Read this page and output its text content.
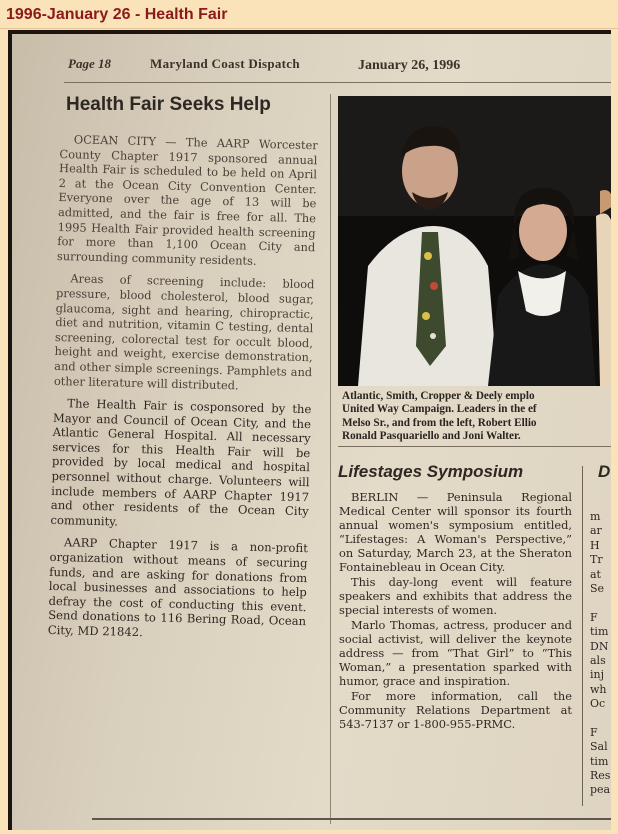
1996-January 26 - Health Fair
Page 18	Maryland Coast Dispatch	January 26, 1996
Health Fair Seeks Help

OCEAN CITY — The AARP Worcester County Chapter 1917 sponsored annual Health Fair is scheduled to be held on April 2 at the Ocean City Convention Center. Everyone over the age of 13 will be admitted, and the fair is free for all. The 1995 Health Fair provided health screening for more than 1,100 Ocean City and surrounding community residents.

Areas of screening include: blood pressure, blood cholesterol, blood sugar, glaucoma, sight and hearing, chiropractic, diet and nutrition, vitamin C testing, dental screening, colorectal test for occult blood, height and weight, exercise demonstration, and other simple screenings. Pamphlets and other literature will distributed.

The Health Fair is cosponsored by the Mayor and Council of Ocean City, and the Atlantic General Hospital. All necessary services for this Health Fair will be provided by local medical and hospital personnel without charge. Volunteers will include members of AARP Chapter 1917 and other residents of the Ocean City community.

AARP Chapter 1917 is a non-profit organization without means of securing funds, and are asking for donations from local businesses and associations to help defray the cost of conducting this event. Send donations to 116 Bering Road, Ocean City, MD 21842.

Atlantic, Smith, Cropper & Deely emplo
United Way Campaign. Leaders in the ef
Melso Sr., and from the left, Robert Ellio
Ronald Pasquariello and Joni Walter.
Lifestages Symposium	D

BERLIN — Peninsula Regional Medical Center will sponsor its fourth annual women's symposium entitled, “Lifestages: A Woman's Perspective,” on Saturday, March 23, at the Sheraton Fontainebleau in Ocean City.

This day-long event will feature speakers and exhibits that address the special interests of women.

Marlo Thomas, actress, producer and social activist, will deliver the keynote address — from “That Girl” to “This Woman,” a presentation sparked with humor, grace and inspiration.

For more information, call the Community Relations Department at 543-7137 or 1-800-955-PRMC.

m
ar
H
Tr
at
Se
F
tim
DN
als
inj
wh
Oc
F
Sal
tim
Res
pea
